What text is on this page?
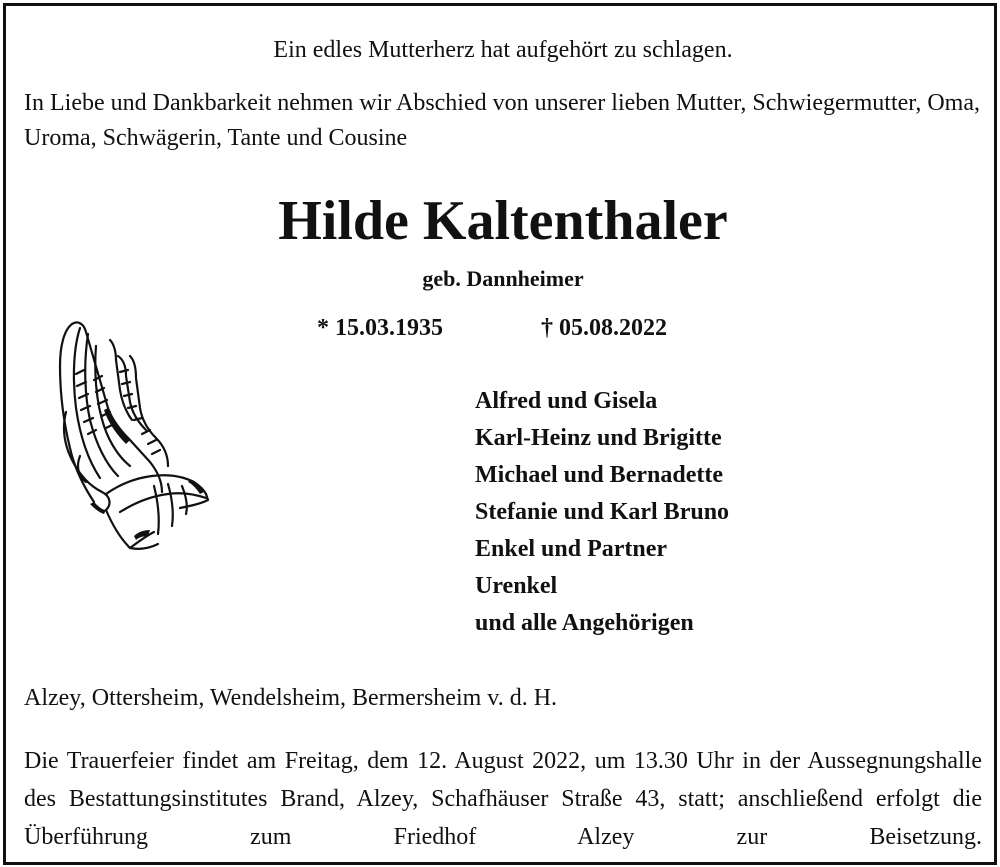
Ein edles Mutterherz hat aufgehört zu schlagen.
In Liebe und Dankbarkeit nehmen wir Abschied von unserer lieben Mutter, Schwiegermutter, Oma, Uroma, Schwägerin, Tante und Cousine
Hilde Kaltenthaler
geb. Dannheimer
* 15.03.1935	† 05.08.2022
Alfred und Gisela
Karl-Heinz und Brigitte
Michael und Bernadette
Stefanie und Karl Bruno
Enkel und Partner
Urenkel
und alle Angehörigen
Alzey, Ottersheim, Wendelsheim, Bermersheim v. d. H.
Die Trauerfeier findet am Freitag, dem 12. August 2022, um 13.30 Uhr in der Aussegnungshalle des Bestattungsinstitutes Brand, Alzey, Schafhäuser Straße 43, statt; anschließend erfolgt die Überführung zum Friedhof Alzey zur Beisetzung.
